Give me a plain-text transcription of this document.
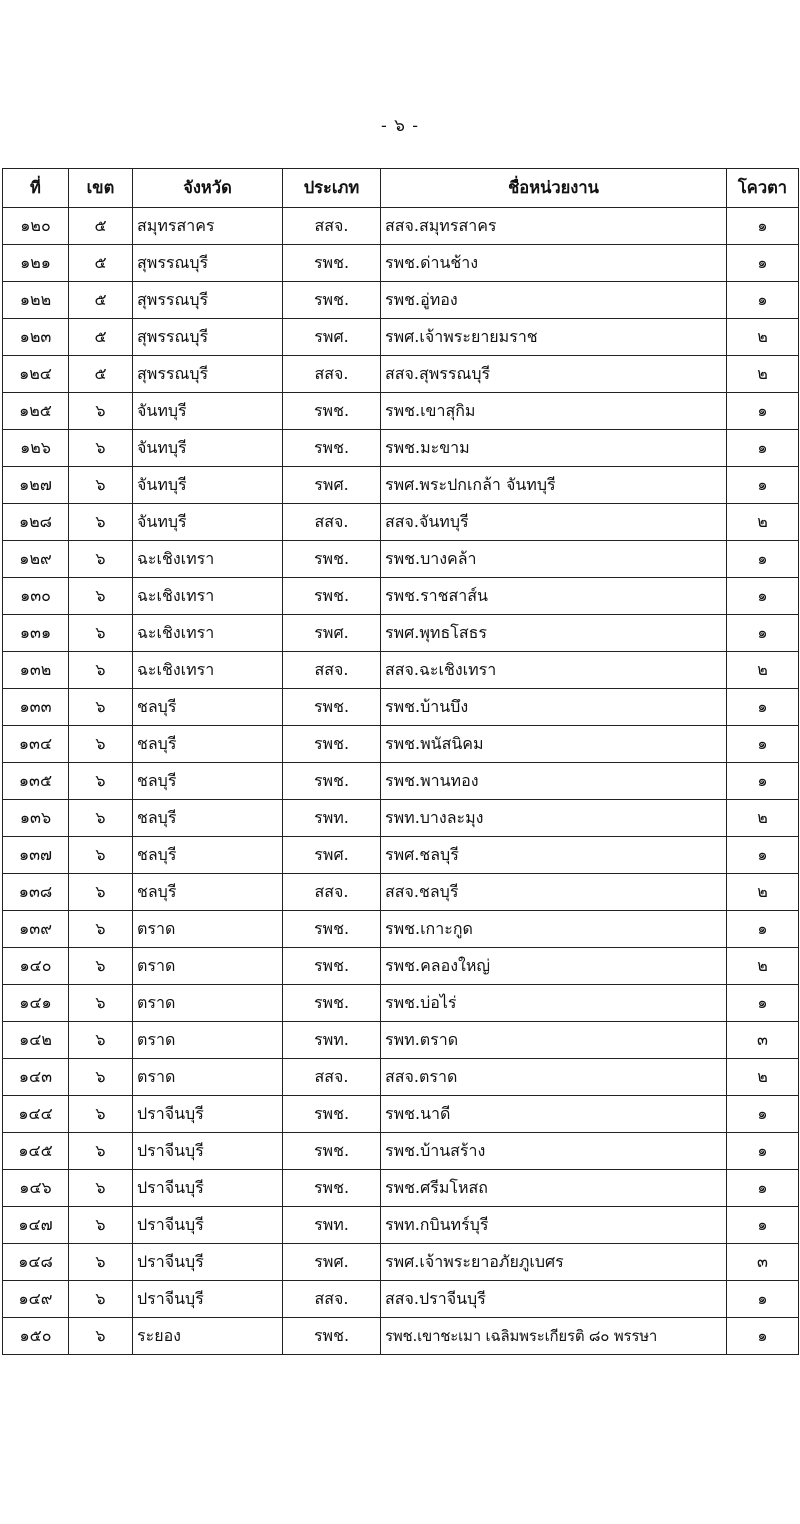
- ๖ -
ที่	เขต	จังหวัด	ประเภท	ชื่อหน่วยงาน	โควตา
๑๒๐	๕	สมุทรสาคร	สสจ.	สสจ.สมุทรสาคร	๑
๑๒๑	๕	สุพรรณบุรี	รพช.	รพช.ด่านช้าง	๑
๑๒๒	๕	สุพรรณบุรี	รพช.	รพช.อู่ทอง	๑
๑๒๓	๕	สุพรรณบุรี	รพศ.	รพศ.เจ้าพระยายมราช	๒
๑๒๔	๕	สุพรรณบุรี	สสจ.	สสจ.สุพรรณบุรี	๒
๑๒๕	๖	จันทบุรี	รพช.	รพช.เขาสุกิม	๑
๑๒๖	๖	จันทบุรี	รพช.	รพช.มะขาม	๑
๑๒๗	๖	จันทบุรี	รพศ.	รพศ.พระปกเกล้า จันทบุรี	๑
๑๒๘	๖	จันทบุรี	สสจ.	สสจ.จันทบุรี	๒
๑๒๙	๖	ฉะเชิงเทรา	รพช.	รพช.บางคล้า	๑
๑๓๐	๖	ฉะเชิงเทรา	รพช.	รพช.ราชสาส์น	๑
๑๓๑	๖	ฉะเชิงเทรา	รพศ.	รพศ.พุทธโสธร	๑
๑๓๒	๖	ฉะเชิงเทรา	สสจ.	สสจ.ฉะเชิงเทรา	๒
๑๓๓	๖	ชลบุรี	รพช.	รพช.บ้านบึง	๑
๑๓๔	๖	ชลบุรี	รพช.	รพช.พนัสนิคม	๑
๑๓๕	๖	ชลบุรี	รพช.	รพช.พานทอง	๑
๑๓๖	๖	ชลบุรี	รพท.	รพท.บางละมุง	๒
๑๓๗	๖	ชลบุรี	รพศ.	รพศ.ชลบุรี	๑
๑๓๘	๖	ชลบุรี	สสจ.	สสจ.ชลบุรี	๒
๑๓๙	๖	ตราด	รพช.	รพช.เกาะกูด	๑
๑๔๐	๖	ตราด	รพช.	รพช.คลองใหญ่	๒
๑๔๑	๖	ตราด	รพช.	รพช.บ่อไร่	๑
๑๔๒	๖	ตราด	รพท.	รพท.ตราด	๓
๑๔๓	๖	ตราด	สสจ.	สสจ.ตราด	๒
๑๔๔	๖	ปราจีนบุรี	รพช.	รพช.นาดี	๑
๑๔๕	๖	ปราจีนบุรี	รพช.	รพช.บ้านสร้าง	๑
๑๔๖	๖	ปราจีนบุรี	รพช.	รพช.ศรีมโหสถ	๑
๑๔๗	๖	ปราจีนบุรี	รพท.	รพท.กบินทร์บุรี	๑
๑๔๘	๖	ปราจีนบุรี	รพศ.	รพศ.เจ้าพระยาอภัยภูเบศร	๓
๑๔๙	๖	ปราจีนบุรี	สสจ.	สสจ.ปราจีนบุรี	๑
๑๕๐	๖	ระยอง	รพช.	รพช.เขาชะเมา เฉลิมพระเกียรติ ๘๐ พรรษา	๑
